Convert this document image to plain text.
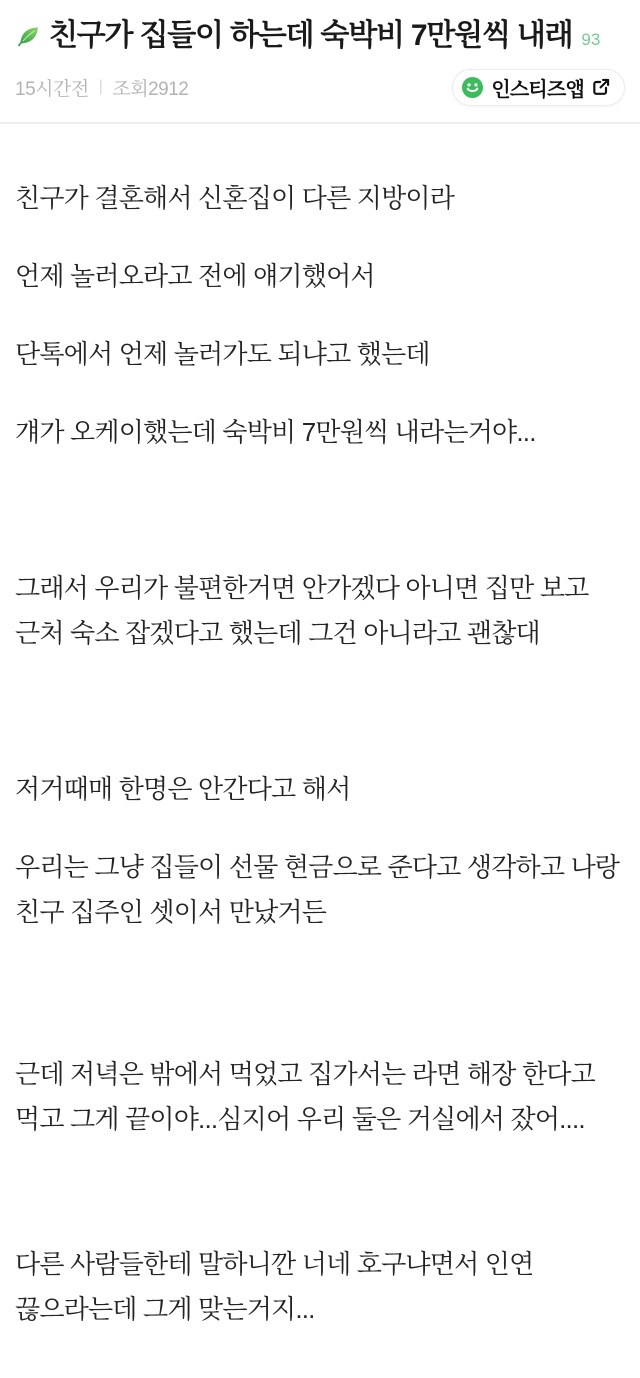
친구가 집들이 하는데 숙박비 7만원씩 내래 93
15시간전 | 조회2912	인스티즈앱

친구가 결혼해서 신혼집이 다른 지방이라

언제 놀러오라고 전에 얘기했어서

단톡에서 언제 놀러가도 되냐고 했는데

걔가 오케이했는데 숙박비 7만원씩 내라는거야...

그래서 우리가 불편한거면 안가겠다 아니면 집만 보고 근처 숙소 잡겠다고 했는데 그건 아니라고 괜찮대

저거때매 한명은 안간다고 해서

우리는 그냥 집들이 선물 현금으로 준다고 생각하고 나랑 친구 집주인 셋이서 만났거든

근데 저녁은 밖에서 먹었고 집가서는 라면 해장 한다고 먹고 그게 끝이야...심지어 우리 둘은 거실에서 잤어....

다른 사람들한테 말하니깐 너네 호구냐면서 인연 끊으라는데 그게 맞는거지...
